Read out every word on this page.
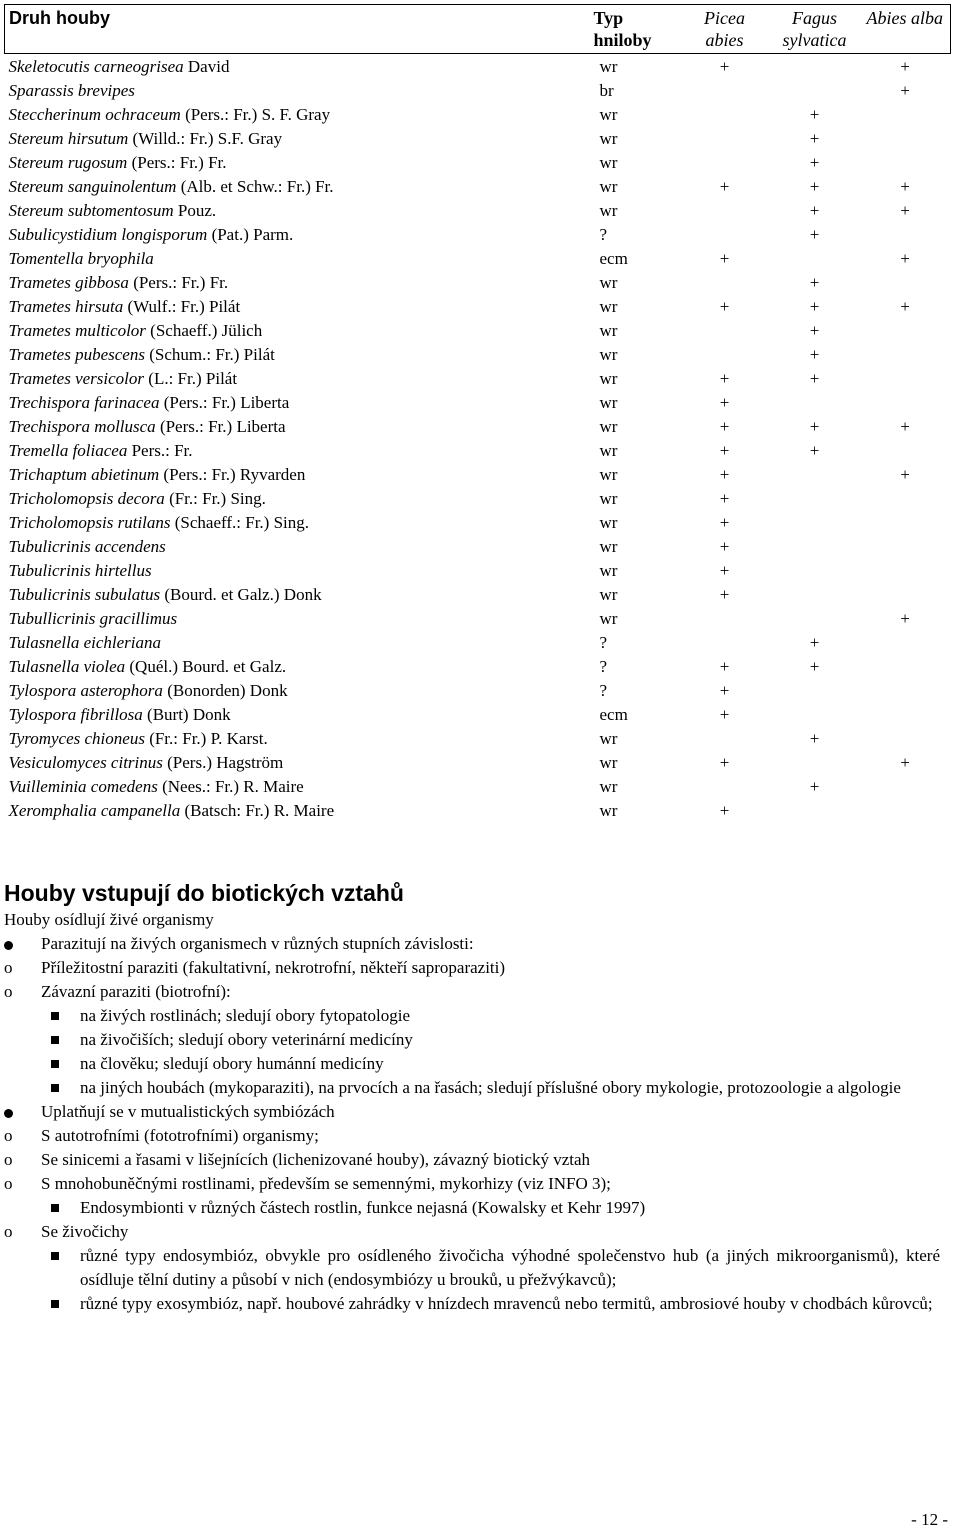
Druh houby	Typ hniloby	Picea abies	Fagus sylvatica	Abies alba
Skeletocutis carneogrisea David	wr	+		+
Sparassis brevipes	br			+
Steccherinum ochraceum (Pers.: Fr.) S. F. Gray	wr		+	
Stereum hirsutum (Willd.: Fr.) S.F. Gray	wr		+	
Stereum rugosum (Pers.: Fr.) Fr.	wr		+	
Stereum sanguinolentum (Alb. et Schw.: Fr.) Fr.	wr	+	+	+
Stereum subtomentosum Pouz.	wr		+	+
Subulicystidium longisporum (Pat.) Parm.	?		+	
Tomentella bryophila	ecm	+		+
Trametes gibbosa (Pers.: Fr.) Fr.	wr		+	
Trametes hirsuta (Wulf.: Fr.) Pilát	wr	+	+	+
Trametes multicolor (Schaeff.) Jülich	wr		+	
Trametes pubescens (Schum.: Fr.) Pilát	wr		+	
Trametes versicolor (L.: Fr.) Pilát	wr	+	+	
Trechispora farinacea (Pers.: Fr.) Liberta	wr	+		
Trechispora mollusca (Pers.: Fr.) Liberta	wr	+	+	+
Tremella foliacea Pers.: Fr.	wr	+	+	
Trichaptum abietinum (Pers.: Fr.) Ryvarden	wr	+		+
Tricholomopsis decora (Fr.: Fr.) Sing.	wr	+		
Tricholomopsis rutilans (Schaeff.: Fr.) Sing.	wr	+		
Tubulicrinis accendens	wr	+		
Tubulicrinis hirtellus	wr	+		
Tubulicrinis subulatus (Bourd. et Galz.) Donk	wr	+		
Tubullicrinis gracillimus	wr			+
Tulasnella eichleriana	?		+	
Tulasnella violea (Quél.) Bourd. et Galz.	?	+	+	
Tylospora asterophora (Bonorden) Donk	?	+		
Tylospora fibrillosa (Burt) Donk	ecm	+		
Tyromyces chioneus (Fr.: Fr.) P. Karst.	wr		+	
Vesiculomyces citrinus (Pers.) Hagström	wr	+		+
Vuilleminia comedens (Nees.: Fr.) R. Maire	wr		+	
Xeromphalia campanella (Batsch: Fr.) R. Maire	wr	+		
Houby vstupují do biotických vztahů

Houby osídlují živé organismy

Parazitují na živých organismech v různých stupních závislosti:
o Příležitostní paraziti (fakultativní, nekrotrofní, někteří saproparaziti)
o Závazní paraziti (biotrofní):
na živých rostlinách; sledují obory fytopatologie
na živočiších; sledují obory veterinární medicíny
na člověku; sledují obory humánní medicíny
na jiných houbách (mykoparaziti), na prvocích a na řasách; sledují příslušné obory mykologie, protozoologie a algologie
Uplatňují se v mutualistických symbiózách
o S autotrofními (fototrofními) organismy;
o Se sinicemi a řasami v lišejnících (lichenizované houby), závazný biotický vztah
o S mnohobuněčnými rostlinami, především se semennými, mykorhizy (viz INFO 3);
Endosymbionti v různých částech rostlin, funkce nejasná (Kowalsky et Kehr 1997)
o Se živočichy
různé typy endosymbióz, obvykle pro osídleného živočicha výhodné společenstvo hub (a jiných mikroorganismů), které osídluje tělní dutiny a působí v nich (endosymbiózy u brouků, u přežvýkavců);
různé typy exosymbióz, např. houbové zahrádky v hnízdech mravenců nebo termitů, ambrosiové houby v chodbách kůrovců;
- 12 -
